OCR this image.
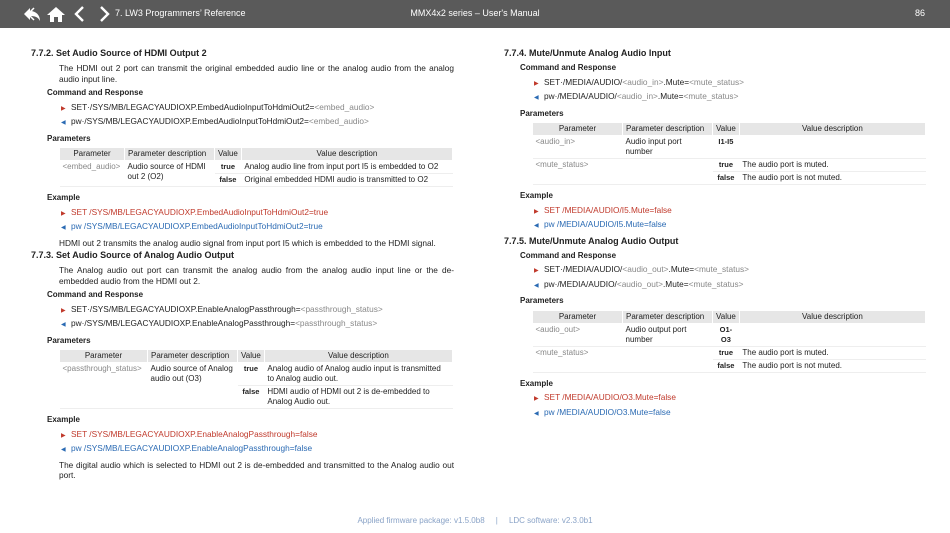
7. LW3 Programmers’ Reference	MMX4x2 series – User's Manual	86
7.7.2. Set Audio Source of HDMI Output 2

The HDMI out 2 port can transmit the original embedded audio line or the analog audio from the analog audio input line.

Command and Response
▶ SET·/SYS/MB/LEGACYAUDIOXP.EmbedAudioInputToHdmiOut2=<embed_audio>
◀ pw·/SYS/MB/LEGACYAUDIOXP.EmbedAudioInputToHdmiOut2=<embed_audio>
Parameters
Parameter	Parameter description	Value	Value description
<embed_audio>	Audio source of HDMI out 2 (O2)	true	Analog audio line from input port I5 is embedded to O2
		false	Original embedded HDMI audio is transmitted to O2
Example
▶ SET /SYS/MB/LEGACYAUDIOXP.EmbedAudioInputToHdmiOut2=true
◀ pw /SYS/MB/LEGACYAUDIOXP.EmbedAudioInputToHdmiOut2=true

HDMI out 2 transmits the analog audio signal from input port I5 which is embedded to the HDMI signal.

7.7.3. Set Audio Source of Analog Audio Output

The Analog audio out port can transmit the analog audio from the analog audio input line or the de-embedded audio from the HDMI out 2.

Command and Response
▶ SET·/SYS/MB/LEGACYAUDIOXP.EnableAnalogPassthrough=<passthrough_status>
◀ pw·/SYS/MB/LEGACYAUDIOXP.EnableAnalogPassthrough=<passthrough_status>
Parameters
Parameter	Parameter description	Value	Value description
<passthrough_status>	Audio source of Analog audio out (O3)	true	Analog audio of Analog audio input is transmitted to Analog audio out.
		false	HDMI audio of HDMI out 2 is de-embedded to Analog Audio out.
Example
▶ SET /SYS/MB/LEGACYAUDIOXP.EnableAnalogPassthrough=false
◀ pw /SYS/MB/LEGACYAUDIOXP.EnableAnalogPassthrough=false

The digital audio which is selected to HDMI out 2 is de-embedded and transmitted to the Analog audio out port.

7.7.4. Mute/Unmute Analog Audio Input
Command and Response
▶ SET·/MEDIA/AUDIO/<audio_in>.Mute=<mute_status>
◀ pw·/MEDIA/AUDIO/<audio_in>.Mute=<mute_status>
Parameters
Parameter	Parameter description	Value	Value description
<audio_in>	Audio input port number	I1-I5	
<mute_status>		true	The audio port is muted.
		false	The audio port is not muted.
Example
▶ SET /MEDIA/AUDIO/I5.Mute=false
◀ pw /MEDIA/AUDIO/I5.Mute=false
7.7.5. Mute/Unmute Analog Audio Output
Command and Response
▶ SET·/MEDIA/AUDIO/<audio_out>.Mute=<mute_status>
◀ pw·/MEDIA/AUDIO/<audio_out>.Mute=<mute_status>
Parameters
Parameter	Parameter description	Value	Value description
<audio_out>	Audio output port number	O1-O3	
<mute_status>		true	The audio port is muted.
		false	The audio port is not muted.
Example
▶ SET /MEDIA/AUDIO/O3.Mute=false
◀ pw /MEDIA/AUDIO/O3.Mute=false
Applied firmware package: v1.5.0b8     |     LDC software: v2.3.0b1
